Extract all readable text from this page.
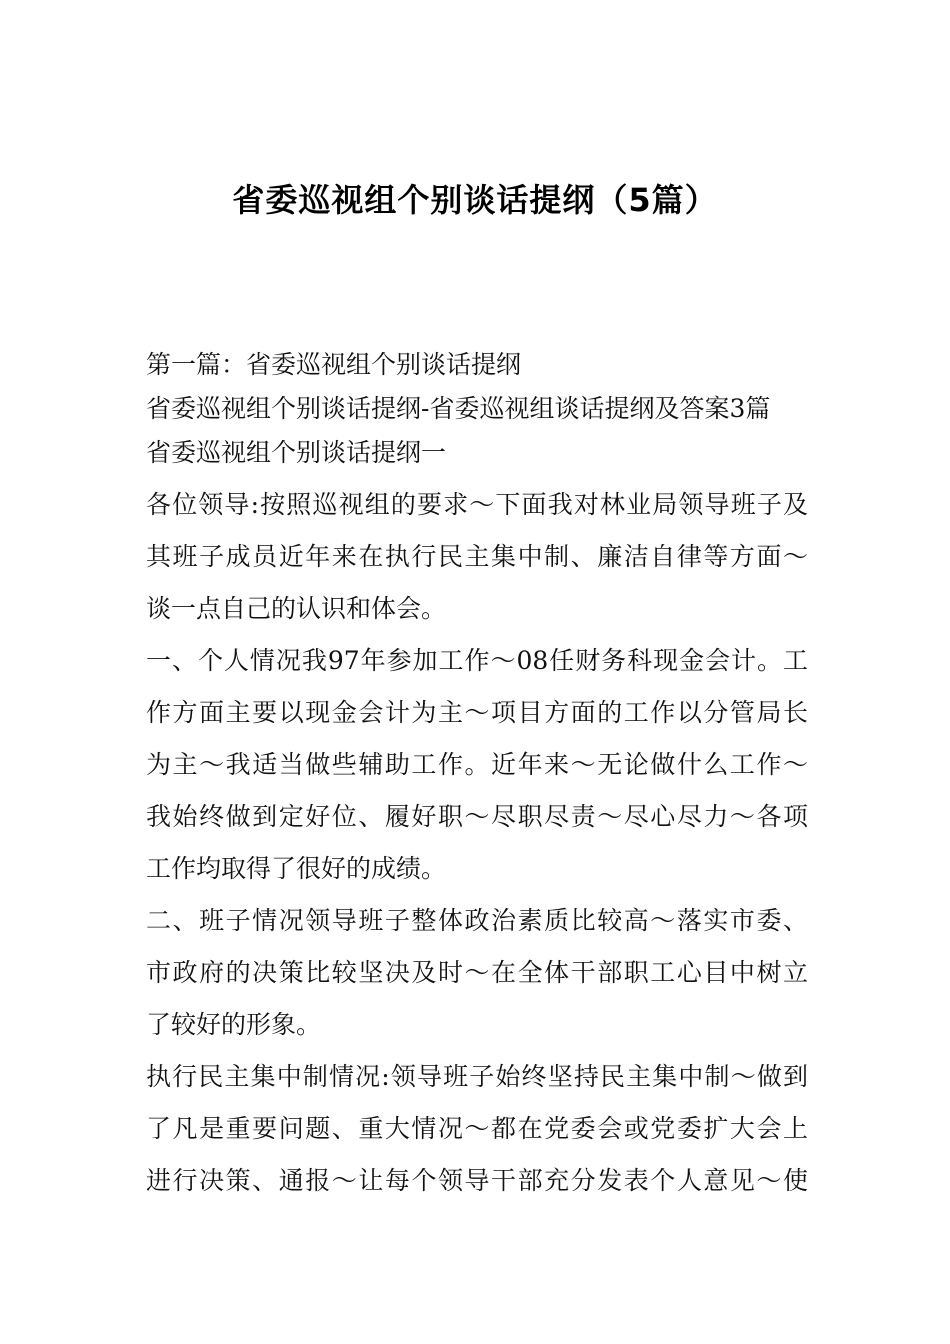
省委巡视组个别谈话提纲（5篇）
第一篇：省委巡视组个别谈话提纲
省委巡视组个别谈话提纲-省委巡视组谈话提纲及答案3篇
省委巡视组个别谈话提纲一
各位领导:按照巡视组的要求～下面我对林业局领导班子及
其班子成员近年来在执行民主集中制、廉洁自律等方面～
谈一点自己的认识和体会。
一、个人情况我97年参加工作～08任财务科现金会计。工
作方面主要以现金会计为主～项目方面的工作以分管局长
为主～我适当做些辅助工作。近年来～无论做什么工作～
我始终做到定好位、履好职～尽职尽责～尽心尽力～各项
工作均取得了很好的成绩。
二、班子情况领导班子整体政治素质比较高～落实市委、
市政府的决策比较坚决及时～在全体干部职工心目中树立
了较好的形象。
执行民主集中制情况:领导班子始终坚持民主集中制～做到
了凡是重要问题、重大情况～都在党委会或党委扩大会上
进行决策、通报～让每个领导干部充分发表个人意见～使
